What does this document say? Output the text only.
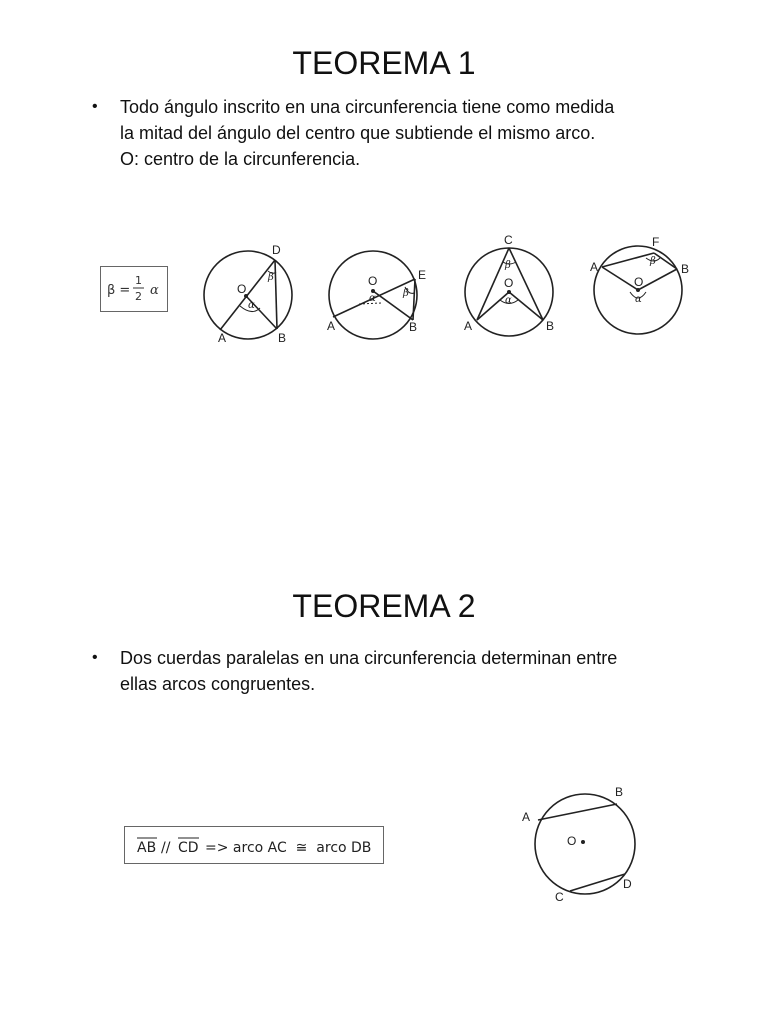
TEOREMA 1
• Todo ángulo inscrito en una circunferencia tiene como medida
la mitad del ángulo del centro que subtiende el mismo arco.
O: centro de la circunferencia.
β =
1
2 α
D
O
A	B
β
α
O	E
A	B
β
α
C
O
A	B
β
α
F
A	B
O
β
α
TEOREMA 2
• Dos cuerdas paralelas en una circunferencia determinan entre
ellas arcos congruentes.
AB // CD => arco AC  ≅  arco DB
A
B
O
C
D
